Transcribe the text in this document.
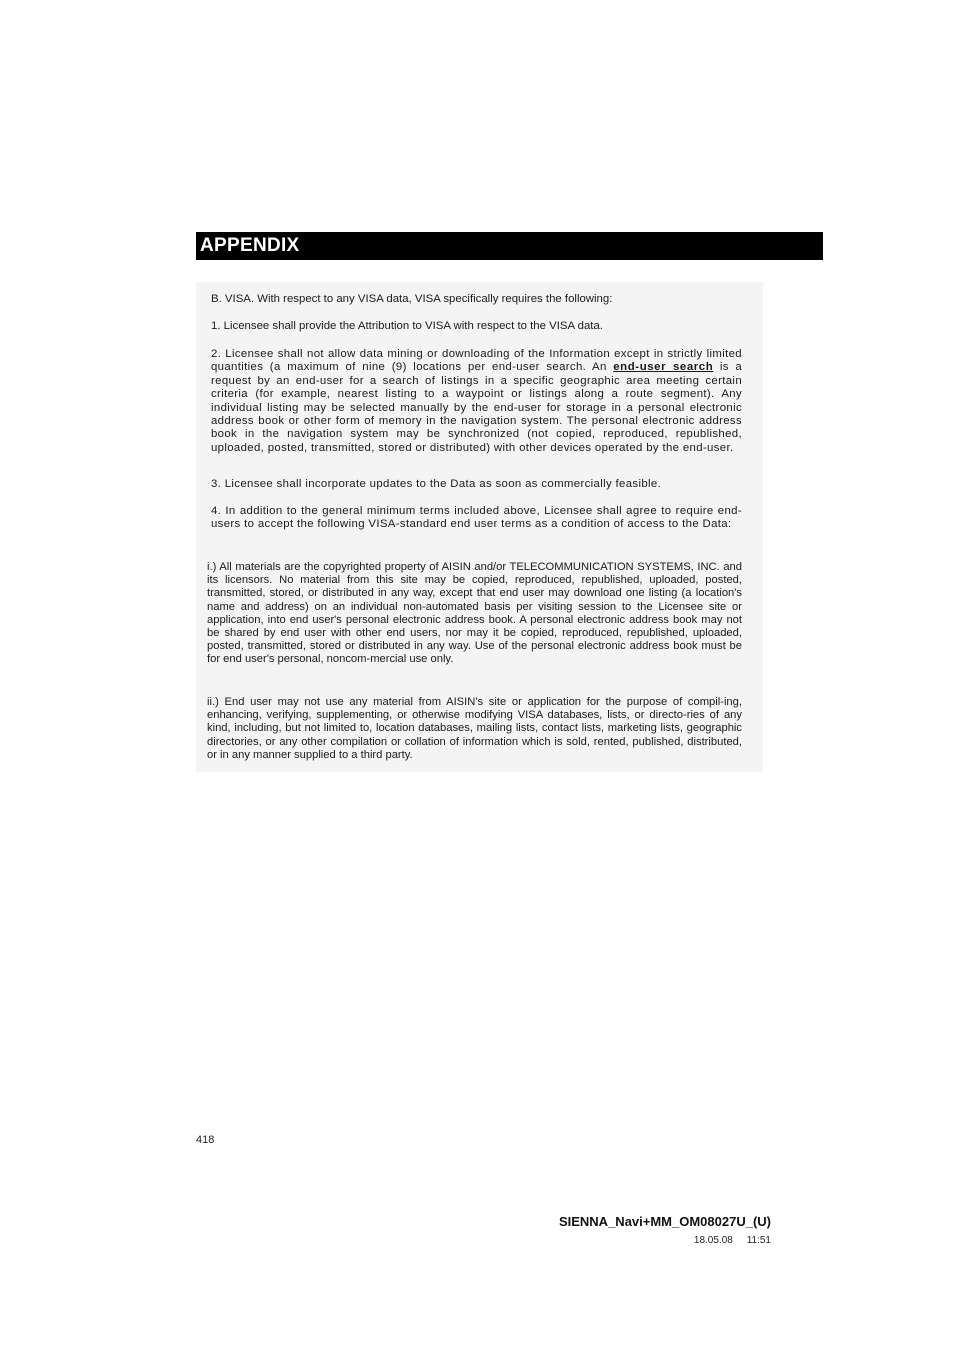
APPENDIX

B. VISA. With respect to any VISA data, VISA specifically requires the following:

1. Licensee shall provide the Attribution to VISA with respect to the VISA data.

2. Licensee shall not allow data mining or downloading of the Information except in strictly limited quantities (a maximum of nine (9) locations per end-user search. An end-user search is a request by an end-user for a search of listings in a specific geographic area meeting certain criteria (for example, nearest listing to a waypoint or listings along a route segment). Any individual listing may be selected manually by the end-user for storage in a personal electronic address book or other form of memory in the navigation system. The personal electronic address book in the navigation system may be synchronized (not copied, reproduced, republished, uploaded, posted, transmitted, stored or distributed) with other devices operated by the end-user.

3. Licensee shall incorporate updates to the Data as soon as commercially feasible.

4. In addition to the general minimum terms included above, Licensee shall agree to require end-users to accept the following VISA-standard end user terms as a condition of access to the Data:

i.) All materials are the copyrighted property of AISIN and/or TELECOMMUNICATION SYSTEMS, INC. and its licensors. No material from this site may be copied, reproduced, republished, uploaded, posted, transmitted, stored, or distributed in any way, except that end user may download one listing (a location's name and address) on an individual non-automated basis per visiting session to the Licensee site or application, into end user's personal electronic address book. A personal electronic address book may not be shared by end user with other end users, nor may it be copied, reproduced, republished, uploaded, posted, transmitted, stored or distributed in any way. Use of the personal electronic address book must be for end user's personal, noncom-mercial use only.

ii.) End user may not use any material from AISIN's site or application for the purpose of compil-ing, enhancing, verifying, supplementing, or otherwise modifying VISA databases, lists, or directo-ries of any kind, including, but not limited to, location databases, mailing lists, contact lists, marketing lists, geographic directories, or any other compilation or collation of information which is sold, rented, published, distributed, or in any manner supplied to a third party.

418
SIENNA_Navi+MM_OM08027U_(U)
18.05.08     11:51
